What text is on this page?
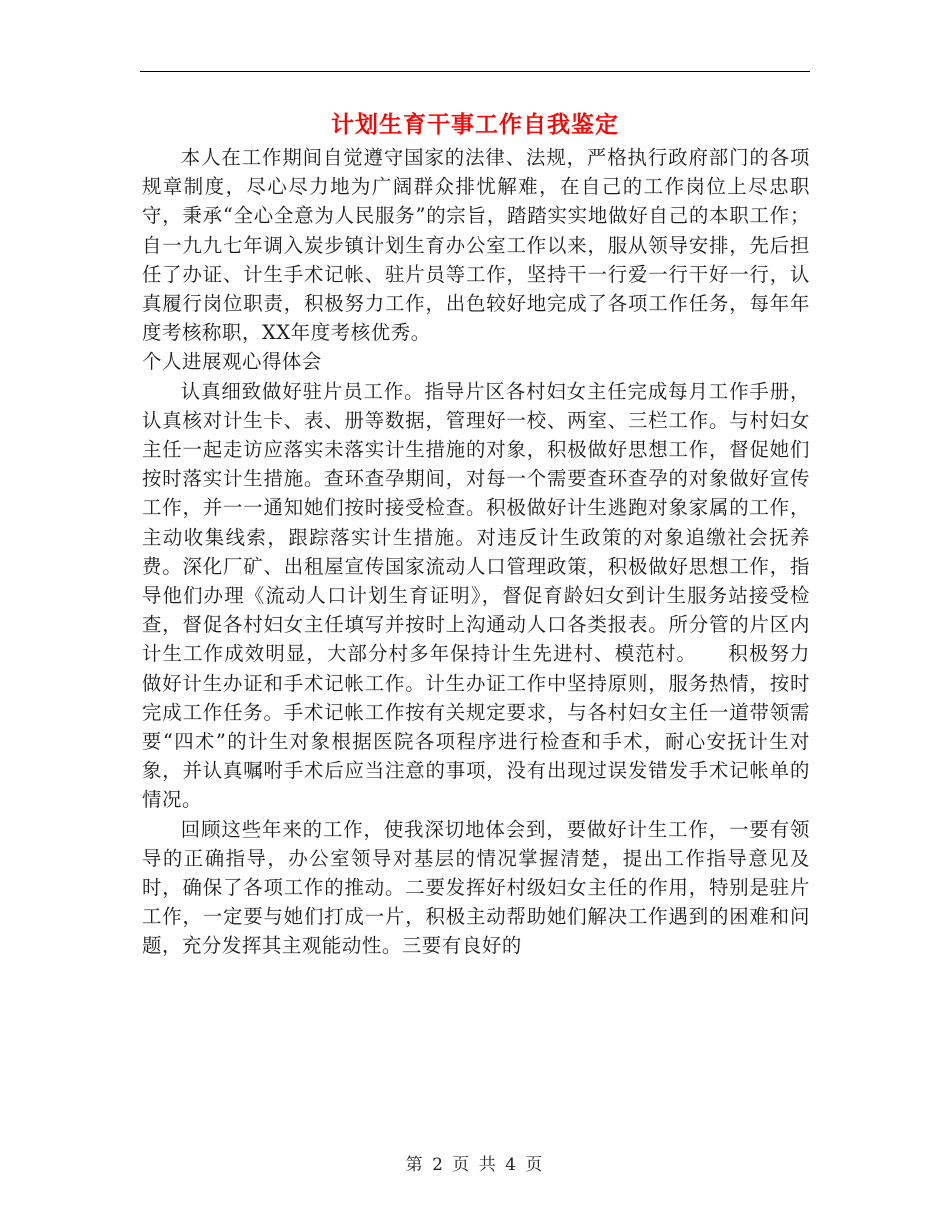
计划生育干事工作自我鉴定

本人在工作期间自觉遵守国家的法律、法规，严格执行政府部门的各项规章制度，尽心尽力地为广阔群众排忧解难，在自己的工作岗位上尽忠职守，秉承“全心全意为人民服务”的宗旨，踏踏实实地做好自己的本职工作；自一九九七年调入炭步镇计划生育办公室工作以来，服从领导安排，先后担任了办证、计生手术记帐、驻片员等工作，坚持干一行爱一行干好一行，认真履行岗位职责，积极努力工作，出色较好地完成了各项工作任务，每年年度考核称职，XX年度考核优秀。

个人进展观心得体会

认真细致做好驻片员工作。指导片区各村妇女主任完成每月工作手册，认真核对计生卡、表、册等数据，管理好一校、两室、三栏工作。与村妇女主任一起走访应落实未落实计生措施的对象，积极做好思想工作，督促她们按时落实计生措施。查环查孕期间，对每一个需要查环查孕的对象做好宣传工作，并一一通知她们按时接受检查。积极做好计生逃跑对象家属的工作，主动收集线索，跟踪落实计生措施。对违反计生政策的对象追缴社会抚养费。深化厂矿、出租屋宣传国家流动人口管理政策，积极做好思想工作，指导他们办理《流动人口计划生育证明》，督促育龄妇女到计生服务站接受检查，督促各村妇女主任填写并按时上沟通动人口各类报表。所分管的片区内计生工作成效明显，大部分村多年保持计生先进村、模范村。　　积极努力做好计生办证和手术记帐工作。计生办证工作中坚持原则，服务热情，按时完成工作任务。手术记帐工作按有关规定要求，与各村妇女主任一道带领需要“四术”的计生对象根据医院各项程序进行检查和手术，耐心安抚计生对象，并认真嘱咐手术后应当注意的事项，没有出现过误发错发手术记帐单的情况。

回顾这些年来的工作，使我深切地体会到，要做好计生工作，一要有领导的正确指导，办公室领导对基层的情况掌握清楚，提出工作指导意见及时，确保了各项工作的推动。二要发挥好村级妇女主任的作用，特别是驻片工作，一定要与她们打成一片，积极主动帮助她们解决工作遇到的困难和问题，充分发挥其主观能动性。三要有良好的

第 2 页 共 4 页
